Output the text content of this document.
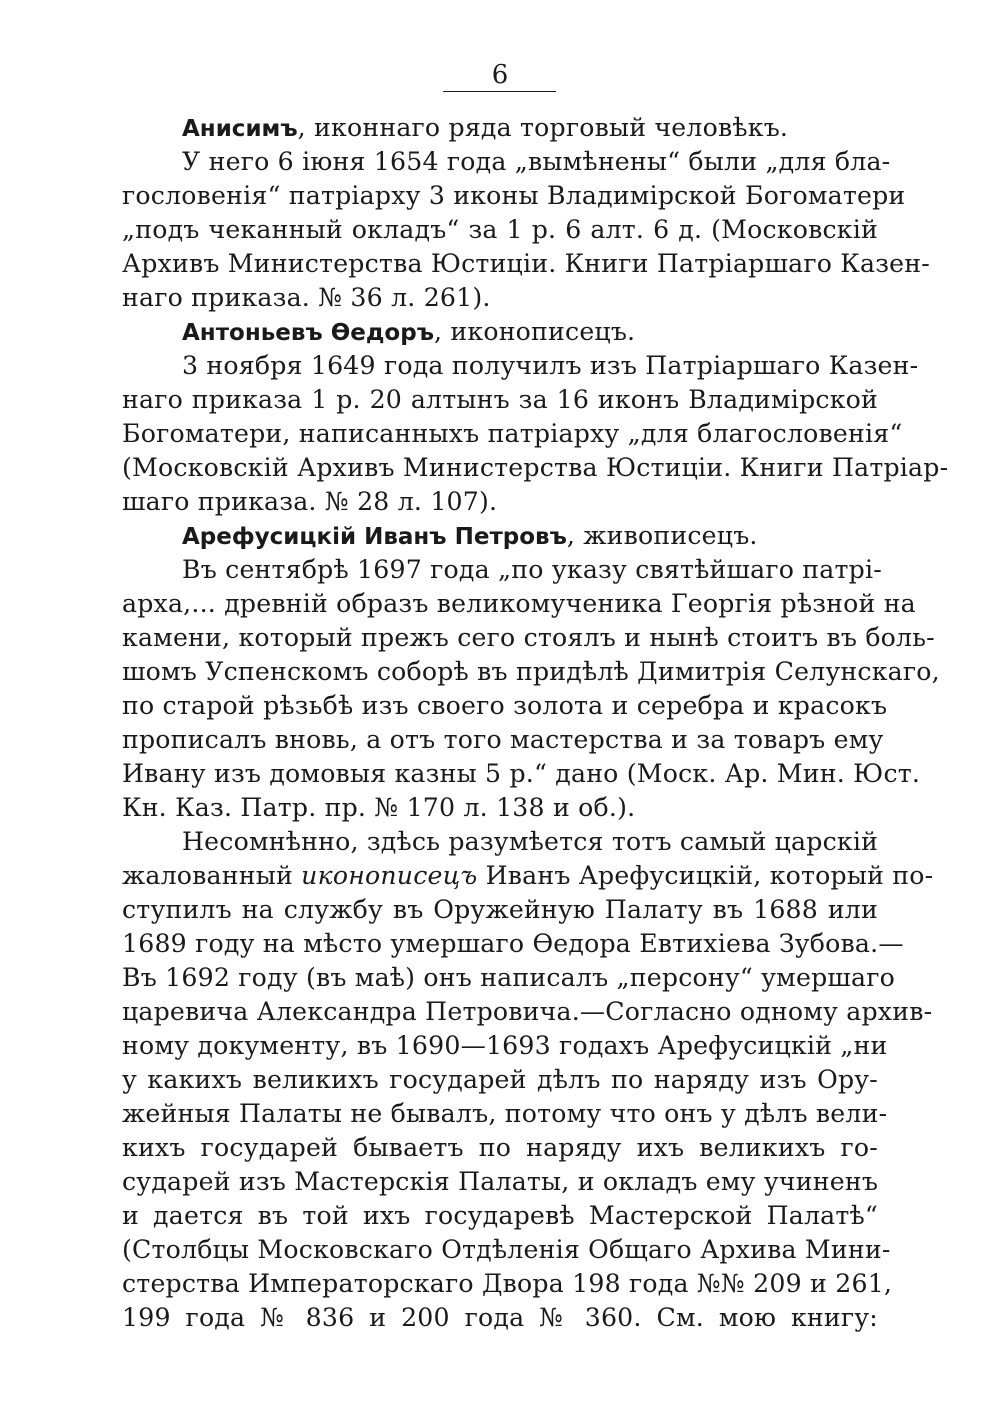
6
Анисимъ, иконнаго ряда торговый человѣкъ.
У него 6 іюня 1654 года „вымѣнены“ были „для бла-
гословенія“ патріарху 3 иконы Владимірской Богоматери
„подъ чеканный окладъ“ за 1 р. 6 алт. 6 д. (Московскій
Архивъ Министерства Юстиціи. Книги Патріаршаго Казен-
наго приказа. № 36 л. 261).
Антоньевъ Ѳедоръ, иконописецъ.
3 ноября 1649 года получилъ изъ Патріаршаго Казен-
наго приказа 1 р. 20 алтынъ за 16 иконъ Владимірской
Богоматери, написанныхъ патріарху „для благословенія“
(Московскій Архивъ Министерства Юстиціи. Книги Патріар-
шаго приказа. № 28 л. 107).
Арефусицкій Иванъ Петровъ, живописецъ.
Въ сентябрѣ 1697 года „по указу святѣйшаго патрі-
арха,... древній образъ великомученика Георгія рѣзной на
камени, который прежъ сего стоялъ и нынѣ стоитъ въ боль-
шомъ Успенскомъ соборѣ въ придѣлѣ Димитрія Селунскаго,
по старой рѣзьбѣ изъ своего золота и серебра и красокъ
прописалъ вновь, а отъ того мастерства и за товаръ ему
Ивану изъ домовыя казны 5 р.“ дано (Моск. Ар. Мин. Юст.
Кн. Каз. Патр. пр. № 170 л. 138 и об.).
Несомнѣнно, здѣсь разумѣется тотъ самый царскій
жалованный иконописецъ Иванъ Арефусицкій, который по-
ступилъ на службу въ Оружейную Палату въ 1688 или
1689 году на мѣсто умершаго Ѳедора Евтихіева Зубова.—
Въ 1692 году (въ маѣ) онъ написалъ „персону“ умершаго
царевича Александра Петровича.—Согласно одному архив-
ному документу, въ 1690—1693 годахъ Арефусицкій „ни
у какихъ великихъ государей дѣлъ по наряду изъ Ору-
жейныя Палаты не бывалъ, потому что онъ у дѣлъ вели-
кихъ государей бываетъ по наряду ихъ великихъ го-
сударей изъ Мастерскія Палаты, и окладъ ему учиненъ
и дается въ той ихъ государевѣ Мастерской Палатѣ“
(Столбцы Московскаго Отдѣленія Общаго Архива Мини-
стерства Императорскаго Двора 198 года №№ 209 и 261,
199 года № 836 и 200 года № 360. См. мою книгу:
